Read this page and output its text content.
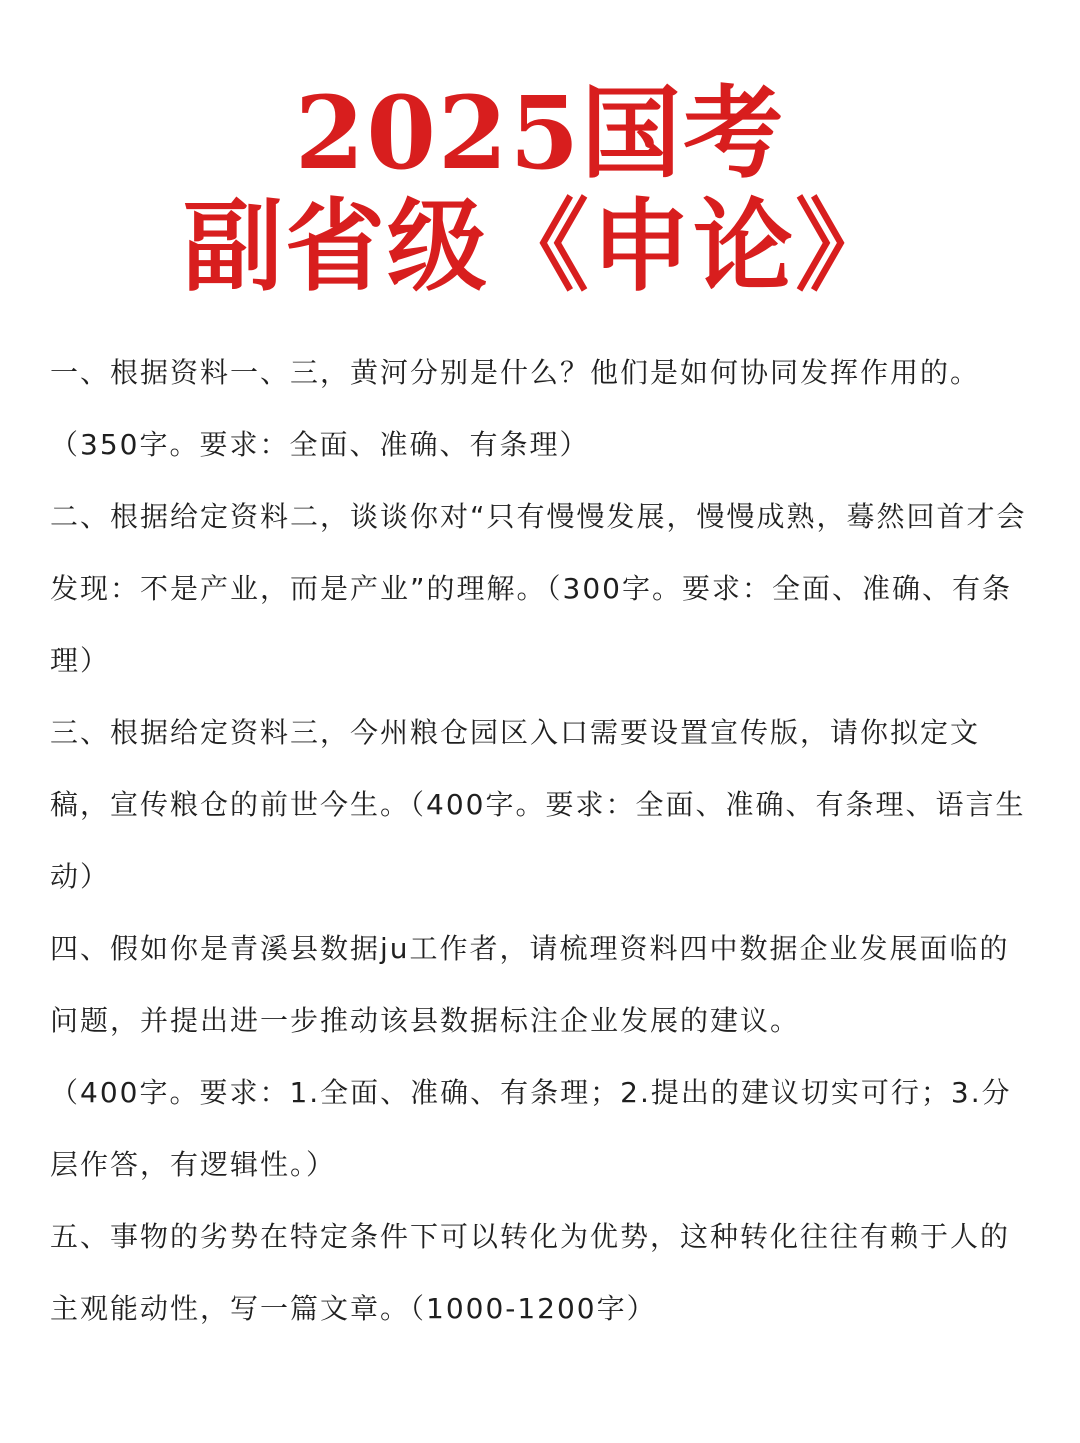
2025国考
副省级《申论》

一、根据资料一、三，黄河分别是什么？他们是如何协同发挥作用的。

（350字。要求：全面、准确、有条理）

二、根据给定资料二，谈谈你对“只有慢慢发展，慢慢成熟，蓦然回首才会发现：不是产业，而是产业”的理解。（300字。要求：全面、准确、有条理）

三、根据给定资料三，今州粮仓园区入口需要设置宣传版，请你拟定文稿，宣传粮仓的前世今生。（400字。要求：全面、准确、有条理、语言生动）

四、假如你是青溪县数据ju工作者，请梳理资料四中数据企业发展面临的问题，并提出进一步推动该县数据标注企业发展的建议。

（400字。要求：1.全面、准确、有条理；2.提出的建议切实可行；3.分层作答，有逻辑性。）

五、事物的劣势在特定条件下可以转化为优势，这种转化往往有赖于人的主观能动性，写一篇文章。（1000-1200字）
